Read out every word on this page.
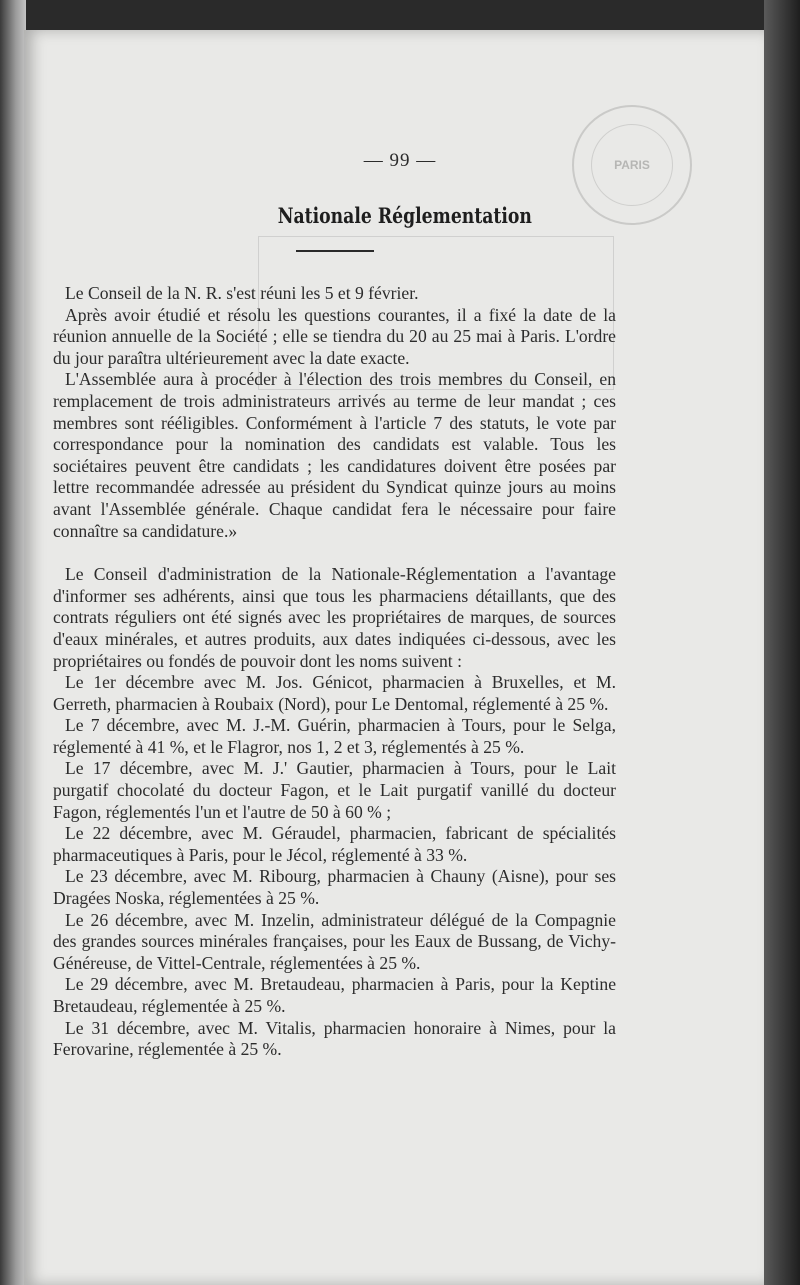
PARIS
— 99 —
Nationale Réglementation

Le Conseil de la N. R. s'est réuni les 5 et 9 février.

Après avoir étudié et résolu les questions courantes, il a fixé la date de la réunion annuelle de la Société ; elle se tiendra du 20 au 25 mai à Paris. L'ordre du jour paraîtra ultérieurement avec la date exacte.

L'Assemblée aura à procéder à l'élection des trois membres du Conseil, en remplacement de trois administrateurs arrivés au terme de leur mandat ; ces membres sont rééligibles. Conformément à l'article 7 des statuts, le vote par correspondance pour la nomination des candidats est valable. Tous les sociétaires peuvent être candidats ; les candidatures doivent être posées par lettre recommandée adressée au président du Syndicat quinze jours au moins avant l'Assemblée générale. Chaque candidat fera le nécessaire pour faire connaître sa candidature.»

Le Conseil d'administration de la Nationale-Réglementation a l'avantage d'informer ses adhérents, ainsi que tous les pharmaciens détaillants, que des contrats réguliers ont été signés avec les propriétaires de marques, de sources d'eaux minérales, et autres produits, aux dates indiquées ci-dessous, avec les propriétaires ou fondés de pouvoir dont les noms suivent :

Le 1er décembre avec M. Jos. Génicot, pharmacien à Bruxelles, et M. Gerreth, pharmacien à Roubaix (Nord), pour Le Dentomal, réglementé à 25 %.

Le 7 décembre, avec M. J.-M. Guérin, pharmacien à Tours, pour le Selga, réglementé à 41 %, et le Flagror, nos 1, 2 et 3, réglementés à 25 %.

Le 17 décembre, avec M. J.' Gautier, pharmacien à Tours, pour le Lait purgatif chocolaté du docteur Fagon, et le Lait purgatif vanillé du docteur Fagon, réglementés l'un et l'autre de 50 à 60 % ;

Le 22 décembre, avec M. Géraudel, pharmacien, fabricant de spécialités pharmaceutiques à Paris, pour le Jécol, réglementé à 33 %.

Le 23 décembre, avec M. Ribourg, pharmacien à Chauny (Aisne), pour ses Dragées Noska, réglementées à 25 %.

Le 26 décembre, avec M. Inzelin, administrateur délégué de la Compagnie des grandes sources minérales françaises, pour les Eaux de Bussang, de Vichy-Généreuse, de Vittel-Centrale, réglementées à 25 %.

Le 29 décembre, avec M. Bretaudeau, pharmacien à Paris, pour la Keptine Bretaudeau, réglementée à 25 %.

Le 31 décembre, avec M. Vitalis, pharmacien honoraire à Nimes, pour la Ferovarine, réglementée à 25 %.
